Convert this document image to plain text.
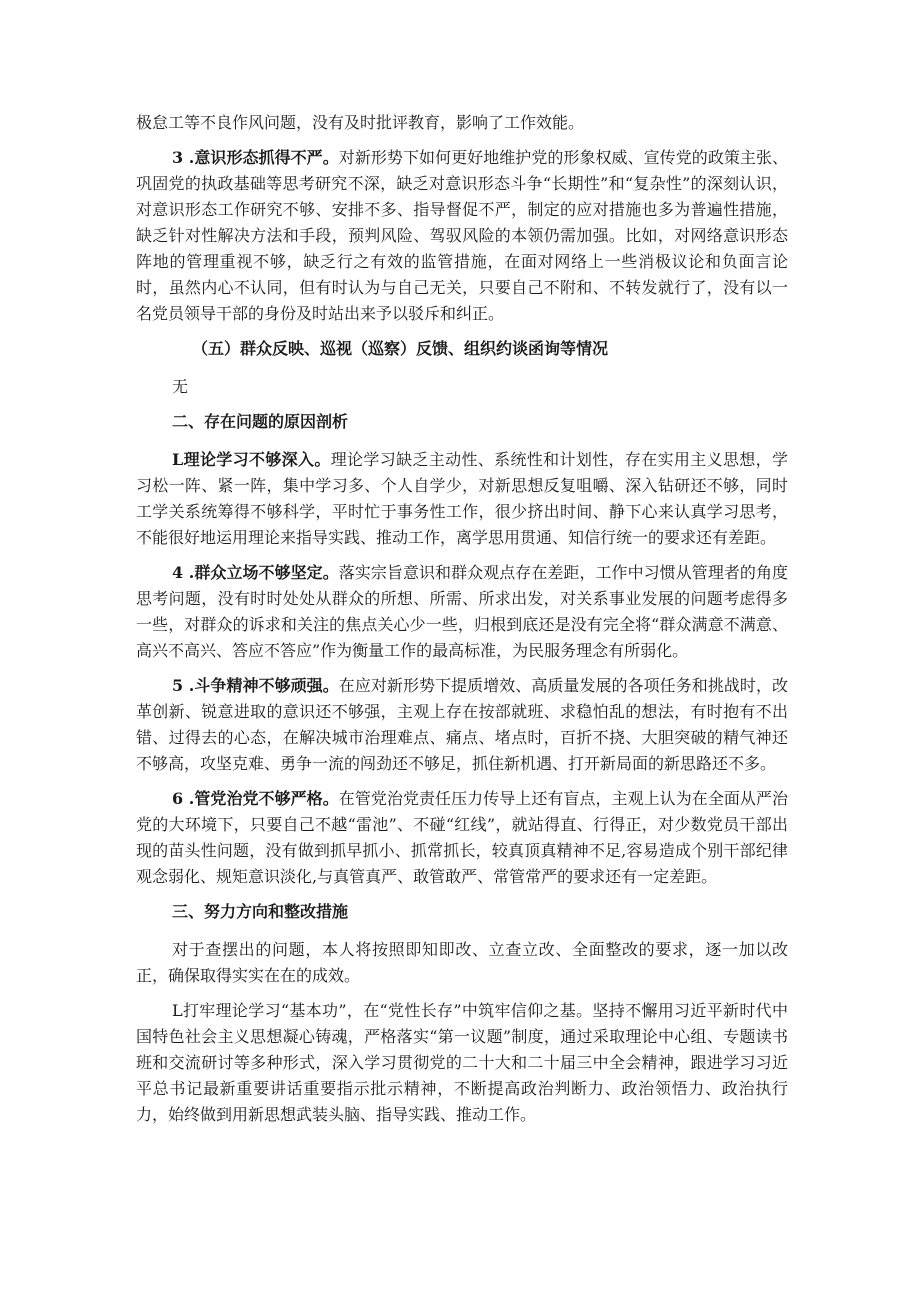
极怠工等不良作风问题，没有及时批评教育，影响了工作效能。

3 .意识形态抓得不严。对新形势下如何更好地维护党的形象权威、宣传党的政策主张、巩固党的执政基础等思考研究不深，缺乏对意识形态斗争“长期性”和“复杂性”的深刻认识，对意识形态工作研究不够、安排不多、指导督促不严，制定的应对措施也多为普遍性措施，缺乏针对性解决方法和手段，预判风险、驾驭风险的本领仍需加强。比如，对网络意识形态阵地的管理重视不够，缺乏行之有效的监管措施，在面对网络上一些消极议论和负面言论时，虽然内心不认同，但有时认为与自己无关，只要自己不附和、不转发就行了，没有以一名党员领导干部的身份及时站出来予以驳斥和纠正。

（五）群众反映、巡视（巡察）反馈、组织约谈函询等情况

无

二、存在问题的原因剖析

L理论学习不够深入。理论学习缺乏主动性、系统性和计划性，存在实用主义思想，学习松一阵、紧一阵，集中学习多、个人自学少，对新思想反复咀嚼、深入钻研还不够，同时工学关系统筹得不够科学，平时忙于事务性工作，很少挤出时间、静下心来认真学习思考，不能很好地运用理论来指导实践、推动工作，离学思用贯通、知信行统一的要求还有差距。

4 .群众立场不够坚定。落实宗旨意识和群众观点存在差距，工作中习惯从管理者的角度思考问题，没有时时处处从群众的所想、所需、所求出发，对关系事业发展的问题考虑得多一些，对群众的诉求和关注的焦点关心少一些，归根到底还是没有完全将“群众满意不满意、高兴不高兴、答应不答应”作为衡量工作的最高标准，为民服务理念有所弱化。

5 .斗争精神不够顽强。在应对新形势下提质增效、高质量发展的各项任务和挑战时，改革创新、锐意进取的意识还不够强，主观上存在按部就班、求稳怕乱的想法，有时抱有不出错、过得去的心态，在解决城市治理难点、痛点、堵点时，百折不挠、大胆突破的精气神还不够高，攻坚克难、勇争一流的闯劲还不够足，抓住新机遇、打开新局面的新思路还不多。

6 .管党治党不够严格。在管党治党责任压力传导上还有盲点，主观上认为在全面从严治党的大环境下，只要自己不越“雷池”、不碰“红线”，就站得直、行得正，对少数党员干部出现的苗头性问题，没有做到抓早抓小、抓常抓长，较真顶真精神不足,容易造成个别干部纪律观念弱化、规矩意识淡化,与真管真严、敢管敢严、常管常严的要求还有一定差距。

三、努力方向和整改措施

对于查摆出的问题，本人将按照即知即改、立查立改、全面整改的要求，逐一加以改正，确保取得实实在在的成效。

L打牢理论学习“基本功”，在“党性长存”中筑牢信仰之基。坚持不懈用习近平新时代中国特色社会主义思想凝心铸魂，严格落实“第一议题”制度，通过采取理论中心组、专题读书班和交流研讨等多种形式，深入学习贯彻党的二十大和二十届三中全会精神，跟进学习习近平总书记最新重要讲话重要指示批示精神，不断提高政治判断力、政治领悟力、政治执行力，始终做到用新思想武装头脑、指导实践、推动工作。
